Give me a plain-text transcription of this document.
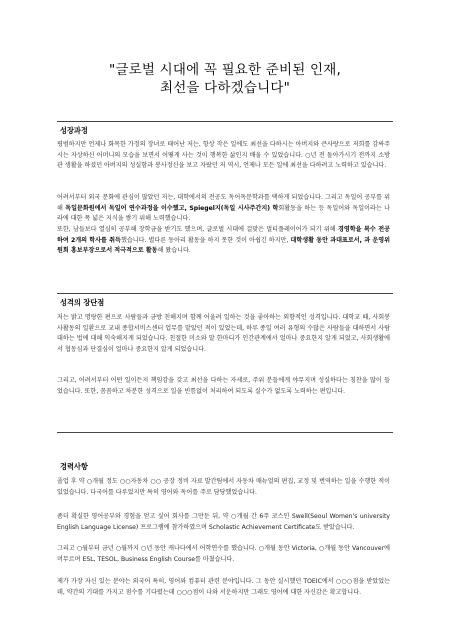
"글로벌 시대에 꼭 필요한 준비된 인재,
최선을 다하겠습니다"
성장과정

평범하지만 언제나 화목한 가정의 장녀로 태어난 저는, 항상 작은 일에도 최선을 다하시는 아버지와 큰사랑으로 저희를 감싸주시는 자상하신 어머니의 모습을 보면서 어떻게 사는 것이 행복한 삶인지 배울 수 있었습니다. ○년 전 돌아가시기 전까지 소방관 생활을 하셨던 아버지의 성실함과 봉사정신을 보고 자랐던 저 역시, 언제나 모든 일에 최선을 다하려고 노력하고 있습니다.

어려서부터 외국 문화에 관심이 많았던 저는, 대학에서의 전공도 독어독문학과를 택하게 되었습니다. 그리고 독일어 공부를 위해 독일문화원에서 독일어 연수과정을 이수했고, Spiegel지(독일 시사주간지) 학회활동을 하는 등 독일어와 독일이라는 나라에 대한 폭 넓은 지식을 쌓기 위해 노력했습니다.

또한, 남들보다 열심히 공부해 장학금을 받기도 했으며, 글로벌 시대에 걸맞은 멀티플레이어가 되기 위해 경영학을 복수 전공하여 2개의 학사를 취득했습니다. 별다른 동아리 활동을 하지 못한 것이 아쉽긴 하지만, 대학생활 동안 과대표로서, 과 운영위원회 홍보부장으로서 적극적으로 활동해 왔습니다.

성격의 장단점

저는 밝고 명랑한 편으로 사람들과 금방 친해지며 함께 어울려 일하는 것을 좋아하는 외향적인 성격입니다. 대학교 때, 사회봉사활동의 일환으로 교내 종합서비스센터 업무를 맡았던 적이 있었는데, 하루 종일 여러 유형의 수많은 사람들을 대하면서 사람 대하는 법에 대해 익숙해지게 되었습니다. 친절한 미소와 말 한마디가 인간관계에서 얼마나 중요한지 알게 되었고, 사회생활에서 협동심과 단결심이 얼마나 중요한지 알게 되었습니다.

그리고, 어려서부터 어떤 일이든지 책임감을 갖고 최선을 다하는 자세로, 주위 분들에게 야무지며 성실하다는 칭찬을 많이 들었습니다. 또한, 꼼꼼하고 차분한 성격으로 일을 빈틈없이 처리하여 되도록 실수가 없도록 노력하는 편입니다.

경력사항

졸업 후 약 ○개월 정도 ○○자동차 ○○ 공장 정비 자료 발간팀에서 자동차 매뉴얼의 편집, 교정 및 번역하는 일을 수행한 적이 있었습니다. 다국어를 다루었지만 특히 영어와 독어를 주로 담당했었습니다.

좀더 확실한 영어공부와 경험을 얻고 싶어 회사를 그만둔 뒤, 약 ○개월 간 6주 코스인 Swell(Seoul Women's university English Language License) 프로그램에 참가하였으며 Scholastic Achievement Certificate도 받았습니다.

그리고 ○월부터 금년 ○월까지 ○년 동안 캐나다에서 어학연수를 했습니다. ○개월 동안 Victoria, ○개월 동안 Vancouver에 머무르며 ESL, TESOL, Business English Course를 마쳤습니다.

제가 가장 자신 있는 분야는 외국어 특히, 영어와 컴퓨터 관련 분야입니다. 그 동안 실시했던 TOEIC에서 ○○○점을 받았었는데, 약간의 기대를 가지고 점수를 기다렸는데 ○○○점이 나와 서운하지만 그래도 영어에 대한 자신감은 확고합니다.
